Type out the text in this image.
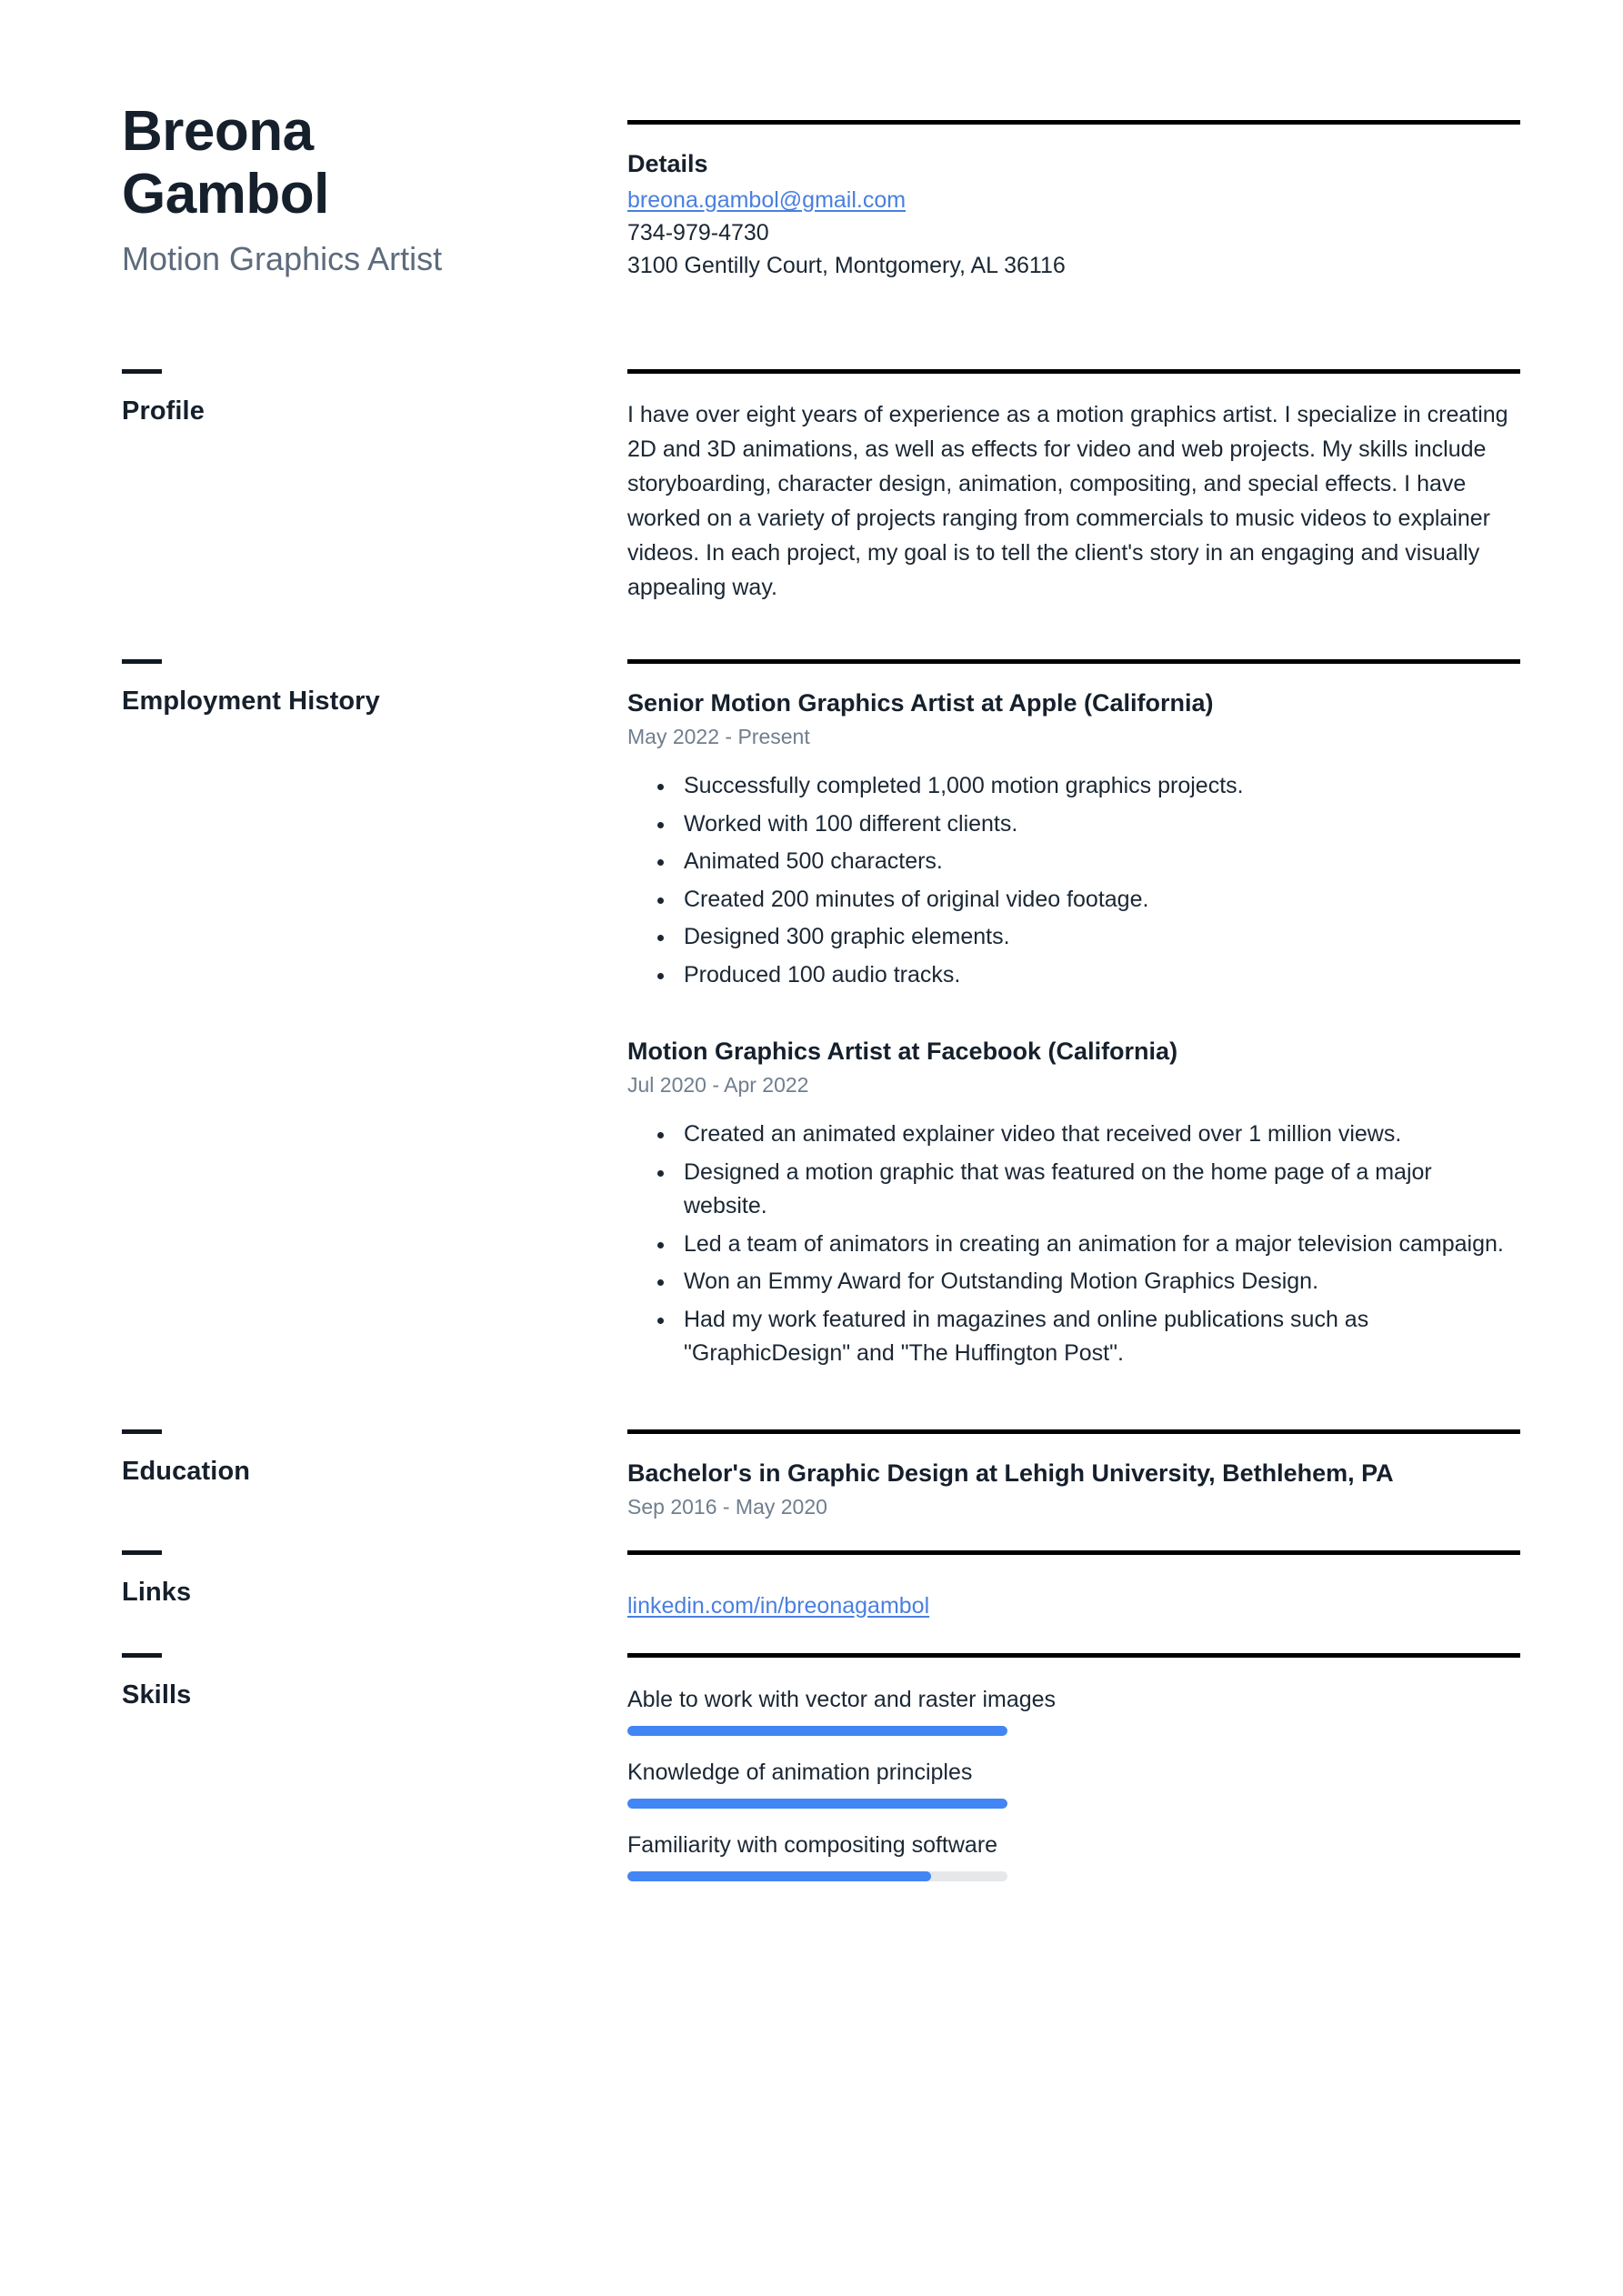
Breona Gambol
Motion Graphics Artist
Details
breona.gambol@gmail.com
734-979-4730
3100 Gentilly Court, Montgomery, AL 36116
Profile	I have over eight years of experience as a motion graphics artist. I specialize in creating 2D and 3D animations, as well as effects for video and web projects. My skills include storyboarding, character design, animation, compositing, and special effects. I have worked on a variety of projects ranging from commercials to music videos to explainer videos. In each project, my goal is to tell the client's story in an engaging and visually appealing way.
Employment History	Senior Motion Graphics Artist at Apple (California)
May 2022 - Present
• Successfully completed 1,000 motion graphics projects.
• Worked with 100 different clients.
• Animated 500 characters.
• Created 200 minutes of original video footage.
• Designed 300 graphic elements.
• Produced 100 audio tracks.
Motion Graphics Artist at Facebook (California)
Jul 2020 - Apr 2022
• Created an animated explainer video that received over 1 million views.
• Designed a motion graphic that was featured on the home page of a major website.
• Led a team of animators in creating an animation for a major television campaign.
• Won an Emmy Award for Outstanding Motion Graphics Design.
• Had my work featured in magazines and online publications such as "GraphicDesign" and "The Huffington Post".
Education	Bachelor's in Graphic Design at Lehigh University, Bethlehem, PA
Sep 2016 - May 2020
Links	linkedin.com/in/breonagambol
Skills	Able to work with vector and raster images
Knowledge of animation principles
Familiarity with compositing software
